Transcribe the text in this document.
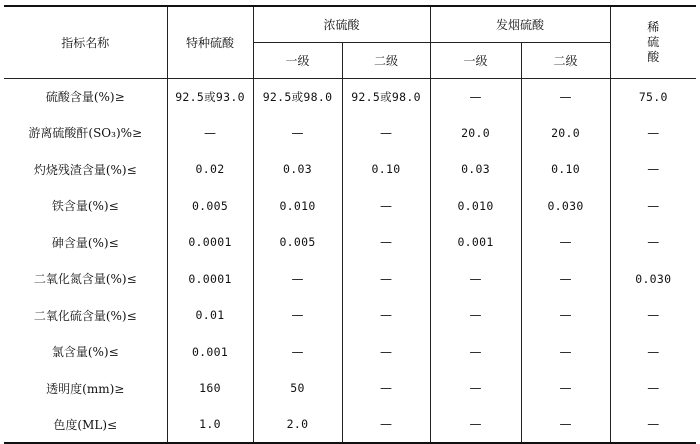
指标名称	特种硫酸	浓硫酸		发烟硫酸		稀硫酸

		一级	二级	一级	二级	
硫酸含量(%)≥	92.5或93.0	92.5或98.0	92.5或98.0	—	—	75.0
游离硫酸酐(SO₃)%≥	—	—	—	20.0	20.0	—
灼烧残渣含量(%)≤	0.02	0.03	0.10	0.03	0.10	—
铁含量(%)≤	0.005	0.010	—	0.010	0.030	—
砷含量(%)≤	0.0001	0.005	—	0.001	—	—
二氧化氮含量(%)≤	0.0001	—	—	—	—	0.030
二氧化硫含量(%)≤	0.01	—	—	—	—	—
氯含量(%)≤	0.001	—	—	—	—	—
透明度(mm)≥	160	50	—	—	—	—
色度(ML)≤	1.0	2.0	—	—	—	—
